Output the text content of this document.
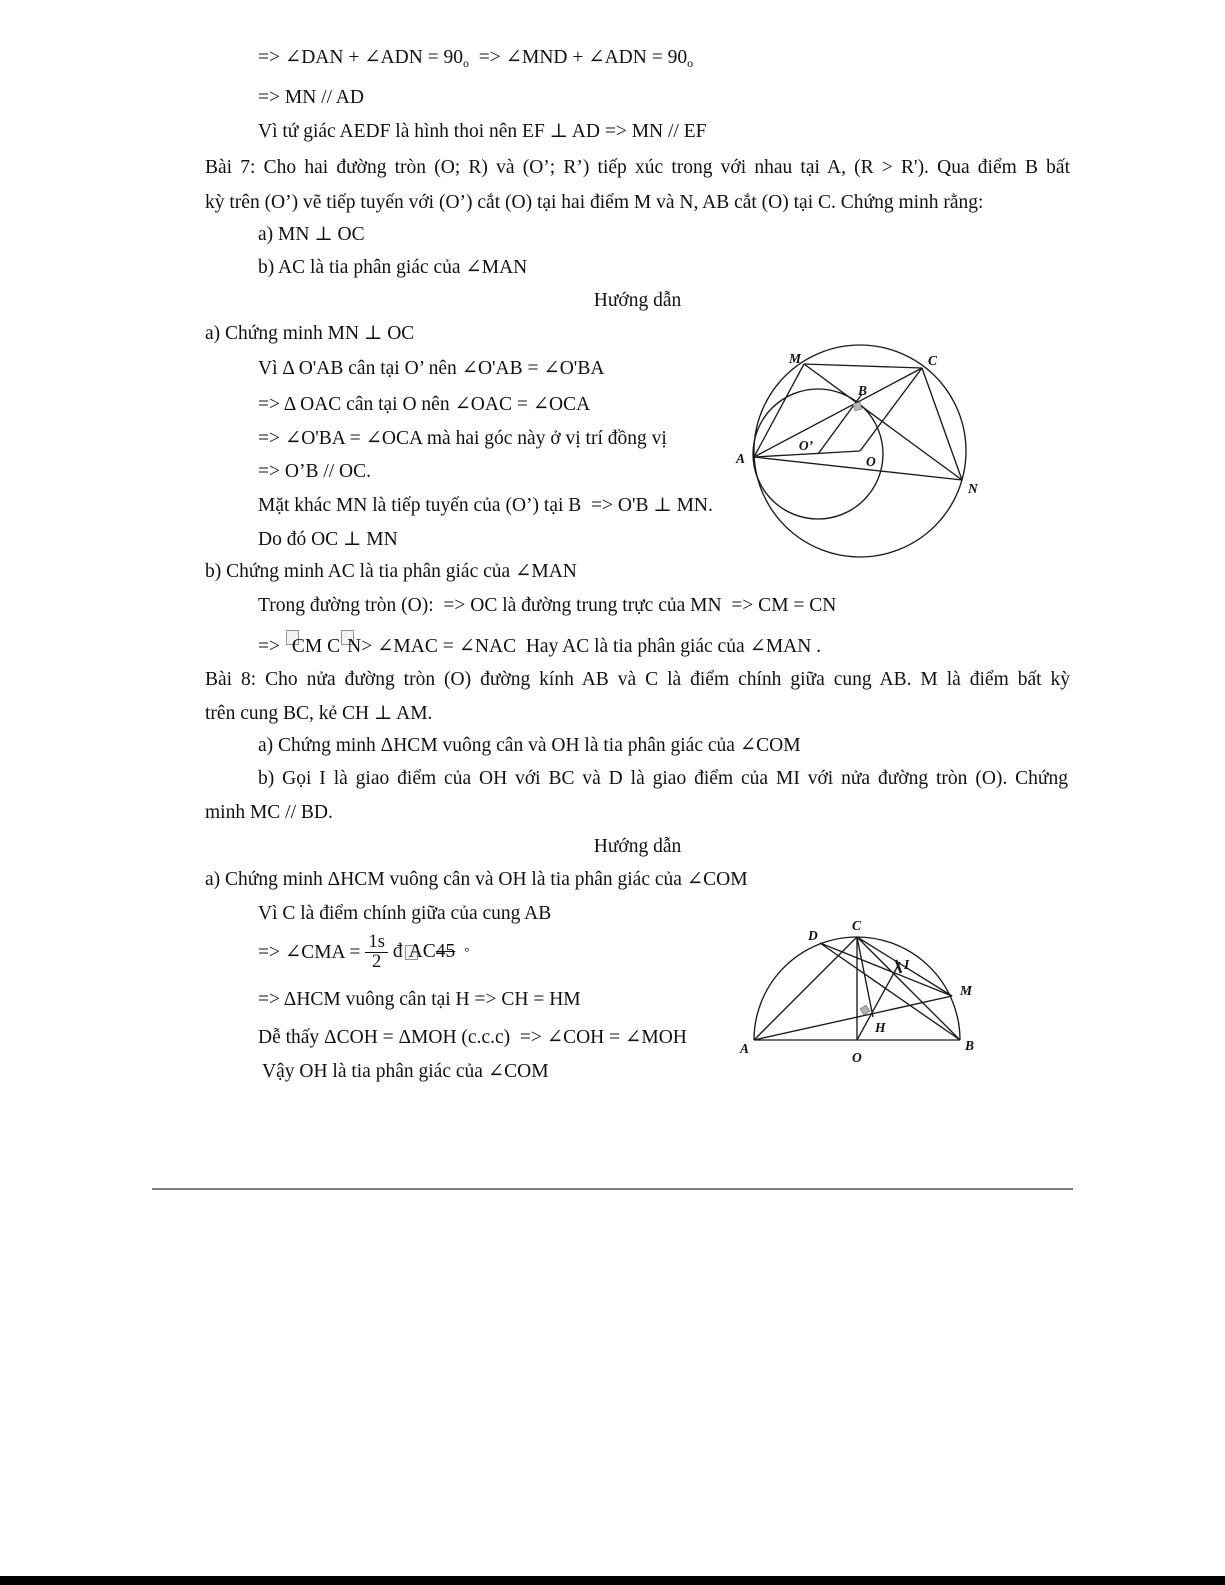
=> ∠DAN + ∠ADN = $90_o$  => ∠MND + ∠ADN = $90_o$
=> MN // AD
Vì tứ giác AEDF là hình thoi nên EF ⊥ AD => MN // EF
Bài 7: Cho hai đường tròn (O; R) và (O’; R’) tiếp xúc trong với nhau tại A, (R > R'). Qua điểm B bất
kỳ trên (O’) vẽ tiếp tuyến với (O’) cắt (O) tại hai điểm M và N, AB cắt (O) tại C. Chứng minh rằng:
a) MN ⊥ OC
b) AC là tia phân giác của ∠MAN
Hướng dẫn
a) Chứng minh MN ⊥ OC
Vì Δ O'AB cân tại O’ nên ∠O'AB = ∠O'BA
=> Δ OAC cân tại O nên ∠OAC = ∠OCA
=> ∠O'BA = ∠OCA mà hai góc này ở vị trí đồng vị
=> O’B // OC.
Mặt khác MN là tiếp tuyến của (O’) tại B  => O'B ⊥ MN.
Do đó OC ⊥ MN
b) Chứng minh AC là tia phân giác của ∠MAN
Trong đường tròn (O):  => OC là đường trung trực của MN  => CM = CN
=> CM C N> ∠MAC = ∠NAC  Hay AC là tia phân giác của ∠MAN .
Bài 8: Cho nửa đường tròn (O) đường kính AB và C là điểm chính giữa cung AB. M là điểm bất kỳ
trên cung BC, kẻ CH ⊥ AM.
a) Chứng minh ΔHCM vuông cân và OH là tia phân giác của ∠COM
b) Gọi I là giao điểm của OH với BC và D là giao điểm của MI với nửa đường tròn (O). Chứng
minh MC // BD.
Hướng dẫn
a) Chứng minh ΔHCM vuông cân và OH là tia phân giác của ∠COM
Vì C là điểm chính giữa của cung AB
=> ∠CMA = $\frac{1s}{2}$ đ A C 45 °
=> ΔHCM vuông cân tại H => CH = HM
Dễ thấy ΔCOH = ΔMOH (c.c.c)  => ∠COH = ∠MOH
Vậy OH là tia phân giác của ∠COM
M	C
B
O’
O
A
N
C
D
M
A	B
O
H
I
